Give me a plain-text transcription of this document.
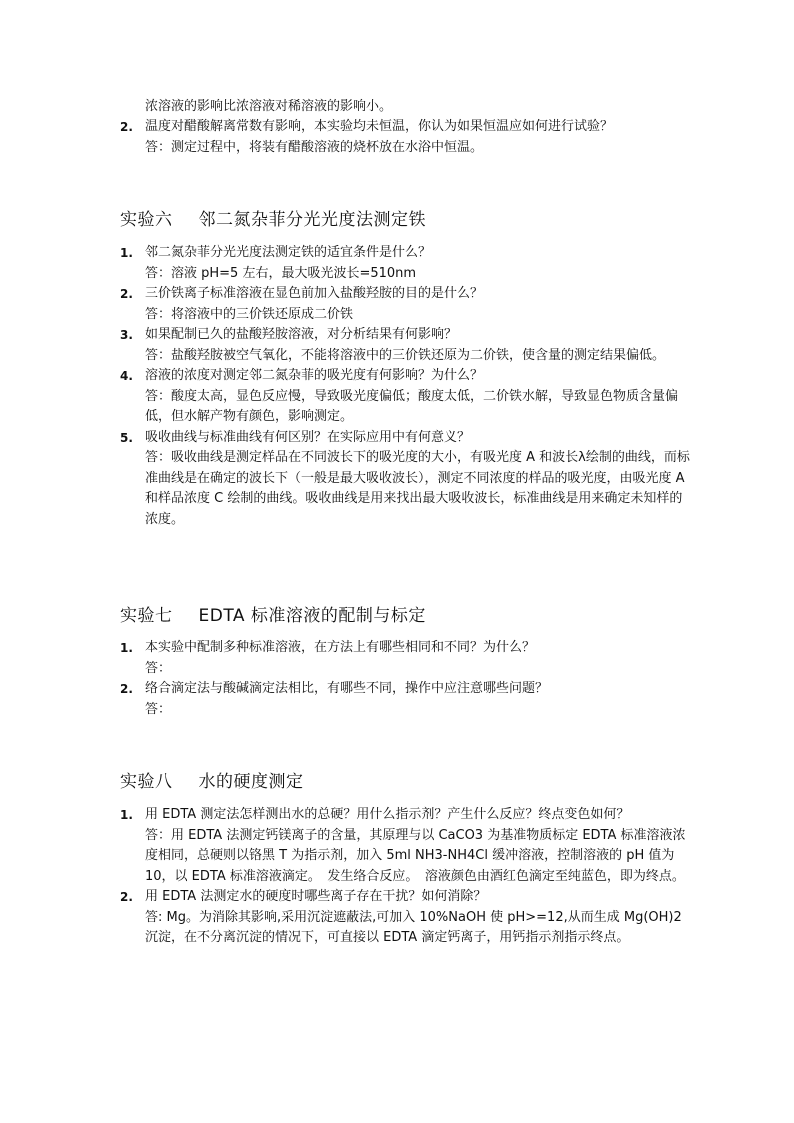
浓溶液的影响比浓溶液对稀溶液的影响小。
2. 温度对醋酸解离常数有影响，本实验均未恒温，你认为如果恒温应如何进行试验？
答：测定过程中，将装有醋酸溶液的烧杯放在水浴中恒温。
实验六 邻二氮杂菲分光光度法测定铁
1. 邻二氮杂菲分光光度法测定铁的适宜条件是什么？
答：溶液 pH=5 左右，最大吸光波长=510nm
2. 三价铁离子标准溶液在显色前加入盐酸羟胺的目的是什么？
答：将溶液中的三价铁还原成二价铁
3. 如果配制已久的盐酸羟胺溶液，对分析结果有何影响？
答：盐酸羟胺被空气氧化，不能将溶液中的三价铁还原为二价铁，使含量的测定结果偏低。
4. 溶液的浓度对测定邻二氮杂菲的吸光度有何影响？为什么？
答：酸度太高，显色反应慢，导致吸光度偏低；酸度太低，二价铁水解，导致显色物质含量偏低，但水解产物有颜色，影响测定。
5. 吸收曲线与标准曲线有何区别？在实际应用中有何意义？
答：吸收曲线是测定样品在不同波长下的吸光度的大小，有吸光度 A 和波长λ绘制的曲线，而标准曲线是在确定的波长下（一般是最大吸收波长），测定不同浓度的样品的吸光度，由吸光度 A 和样品浓度 C 绘制的曲线。吸收曲线是用来找出最大吸收波长，标准曲线是用来确定未知样的浓度。
实验七 EDTA 标准溶液的配制与标定
1. 本实验中配制多种标准溶液，在方法上有哪些相同和不同？为什么？
答：
2. 络合滴定法与酸碱滴定法相比，有哪些不同，操作中应注意哪些问题？
答：
实验八 水的硬度测定
1. 用 EDTA 测定法怎样测出水的总硬？用什么指示剂？产生什么反应？终点变色如何？
答：用 EDTA 法测定钙镁离子的含量，其原理与以 CaCO3 为基准物质标定 EDTA 标准溶液浓度相同，总硬则以铬黑 T 为指示剂，加入 5ml NH3-NH4Cl 缓冲溶液，控制溶液的 pH 值为 10，以 EDTA 标准溶液滴定。　发生络合反应。　溶液颜色由酒红色滴定至纯蓝色，即为终点。
2. 用 EDTA 法测定水的硬度时哪些离子存在干扰？如何消除？
答: Mg。为消除其影响,采用沉淀遮蔽法,可加入 10%NaOH 使 pH>=12,从而生成 Mg(OH)2 沉淀，在不分离沉淀的情况下，可直接以 EDTA 滴定钙离子，用钙指示剂指示终点。
